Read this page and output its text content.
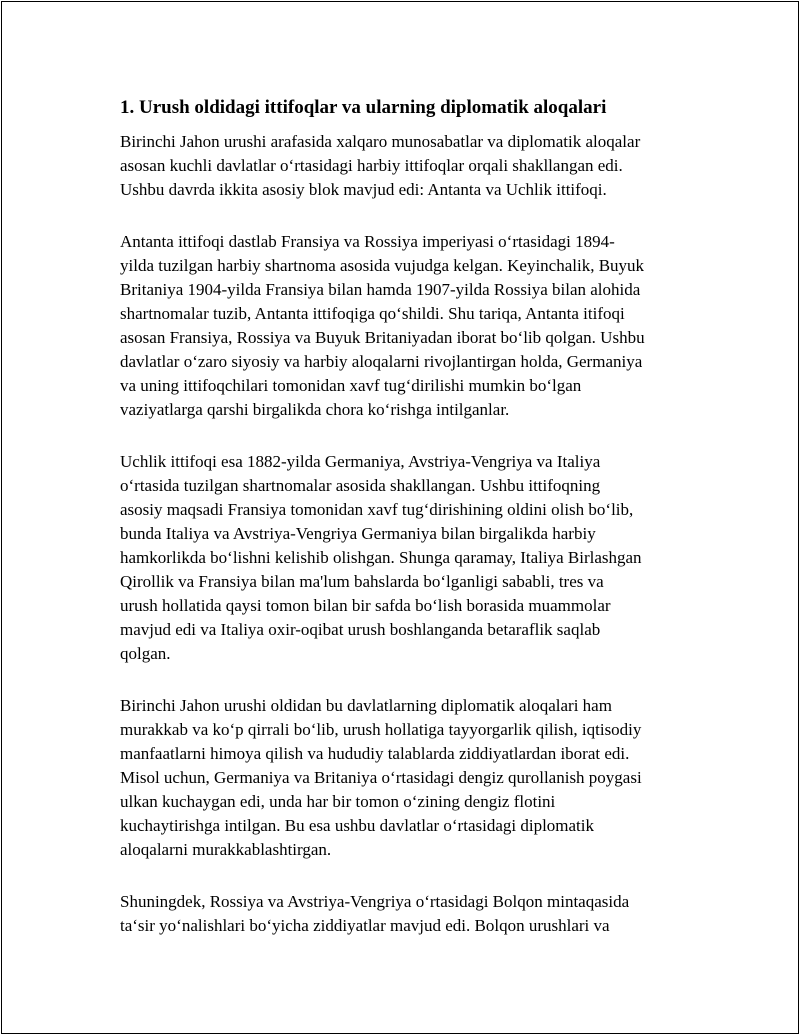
1. Urush oldidagi ittifoqlar va ularning diplomatik aloqalari
Birinchi Jahon urushi arafasida xalqaro munosabatlar va diplomatik aloqalar
asosan kuchli davlatlar oʻrtasidagi harbiy ittifoqlar orqali shakllangan edi.
Ushbu davrda ikkita asosiy blok mavjud edi: Antanta va Uchlik ittifoqi.
Antanta ittifoqi dastlab Fransiya va Rossiya imperiyasi oʻrtasidagi 1894-
yilda tuzilgan harbiy shartnoma asosida vujudga kelgan. Keyinchalik, Buyuk
Britaniya 1904-yilda Fransiya bilan hamda 1907-yilda Rossiya bilan alohida
shartnomalar tuzib, Antanta ittifoqiga qoʻshildi. Shu tariqa, Antanta itifoqi
asosan Fransiya, Rossiya va Buyuk Britaniyadan iborat boʻlib qolgan. Ushbu
davlatlar oʻzaro siyosiy va harbiy aloqalarni rivojlantirgan holda, Germaniya
va uning ittifoqchilari tomonidan xavf tugʻdirilishi mumkin boʻlgan
vaziyatlarga qarshi birgalikda chora koʻrishga intilganlar.
Uchlik ittifoqi esa 1882-yilda Germaniya, Avstriya-Vengriya va Italiya
oʻrtasida tuzilgan shartnomalar asosida shakllangan. Ushbu ittifoqning
asosiy maqsadi Fransiya tomonidan xavf tugʻdirishining oldini olish boʻlib,
bunda Italiya va Avstriya-Vengriya Germaniya bilan birgalikda harbiy
hamkorlikda boʻlishni kelishib olishgan. Shunga qaramay, Italiya Birlashgan
Qirollik va Fransiya bilan ma'lum bahslarda boʻlganligi sababli, tres va
urush hollatida qaysi tomon bilan bir safda boʻlish borasida muammolar
mavjud edi va Italiya oxir-oqibat urush boshlanganda betaraflik saqlab
qolgan.
Birinchi Jahon urushi oldidan bu davlatlarning diplomatik aloqalari ham
murakkab va koʻp qirrali boʻlib, urush hollatiga tayyorgarlik qilish, iqtisodiy
manfaatlarni himoya qilish va hududiy talablarda ziddiyatlardan iborat edi.
Misol uchun, Germaniya va Britaniya oʻrtasidagi dengiz qurollanish poygasi
ulkan kuchaygan edi, unda har bir tomon oʻzining dengiz flotini
kuchaytirishga intilgan. Bu esa ushbu davlatlar oʻrtasidagi diplomatik
aloqalarni murakkablashtirgan.
Shuningdek, Rossiya va Avstriya-Vengriya oʻrtasidagi Bolqon mintaqasida
taʻsir yoʻnalishlari boʻyicha ziddiyatlar mavjud edi. Bolqon urushlari va
